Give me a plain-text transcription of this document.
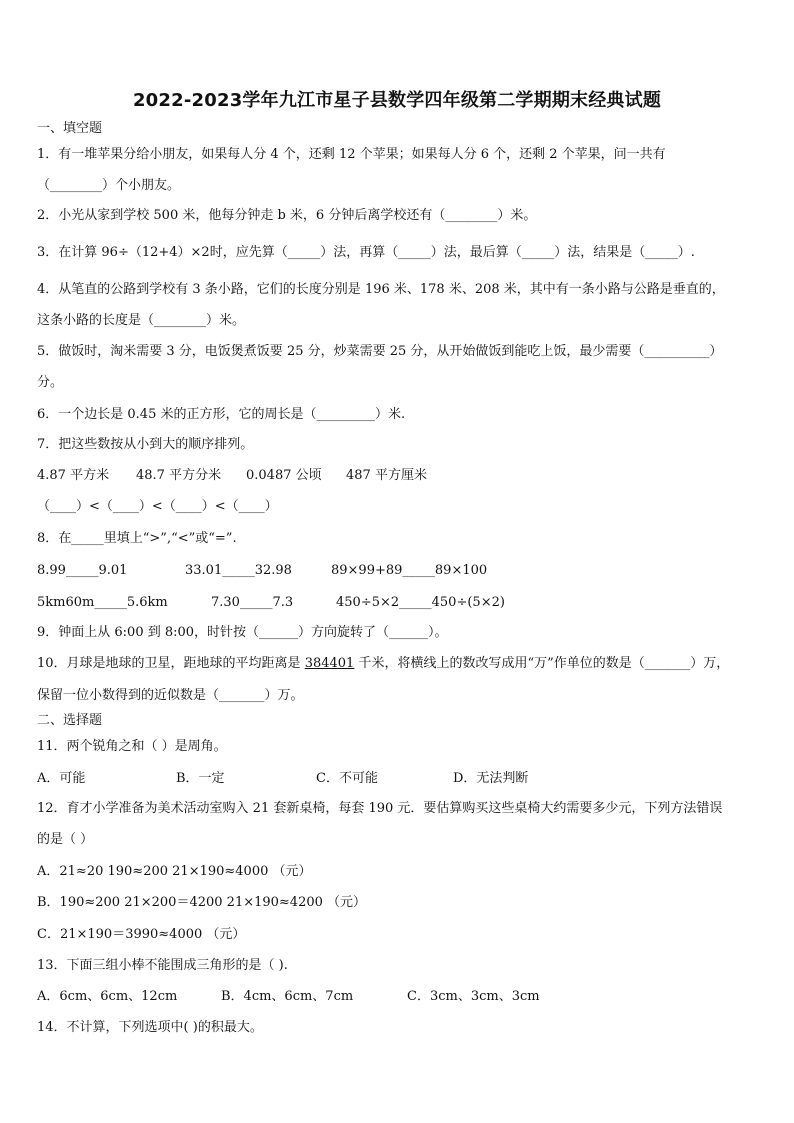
2022-2023学年九江市星子县数学四年级第二学期期末经典试题
一、填空题
1．有一堆苹果分给小朋友，如果每人分 4 个，还剩 12 个苹果；如果每人分 6 个，还剩 2 个苹果，问一共有
（________）个小朋友。
2．小光从家到学校 500 米，他每分钟走 b 米，6 分钟后离学校还有（________）米。
3．在计算 96÷（12+4）×2时，应先算（_____）法，再算（_____）法，最后算（_____）法，结果是（_____）.
4．从笔直的公路到学校有 3 条小路，它们的长度分别是 196 米、178 米、208 米，其中有一条小路与公路是垂直的，
这条小路的长度是（________）米。
5．做饭时，淘米需要 3 分，电饭煲煮饭要 25 分，炒菜需要 25 分，从开始做饭到能吃上饭，最少需要（__________）
分。
6．一个边长是 0.45 米的正方形，它的周长是（_________）米.
7．把这些数按从小到大的顺序排列。
4.87 平方米 48.7 平方分米 0.0487 公顷 487 平方厘米
（____）<（____）<（____）<（____）
8．在_____里填上“>”,“<”或“=”.
8.99_____9.01	33.01_____32.98	89×99+89_____89×100
5km60m_____5.6km	7.30_____7.3	450÷5×2_____450÷(5×2)
9．钟面上从 6:00 到 8:00，时针按（______）方向旋转了（______）。
10．月球是地球的卫星，距地球的平均距离是 384401 千米，将横线上的数改写成用“万”作单位的数是（_______）万，
保留一位小数得到的近似数是（_______）万。
二、选择题
11．两个锐角之和（ ）是周角。
A．可能	B．一定	C．不可能	D．无法判断
12．育才小学准备为美术活动室购入 21 套新桌椅，每套 190 元．要估算购买这些桌椅大约需要多少元，下列方法错误
的是（ ）
A．21≈20 190≈200 21×190≈4000 （元）
B．190≈200 21×200＝4200 21×190≈4200 （元）
C．21×190＝3990≈4000 （元）
13．下面三组小棒不能围成三角形的是（ ).
A．6cm、6cm、12cm	B．4cm、6cm、7cm	C．3cm、3cm、3cm
14．不计算，下列选项中( )的积最大。
